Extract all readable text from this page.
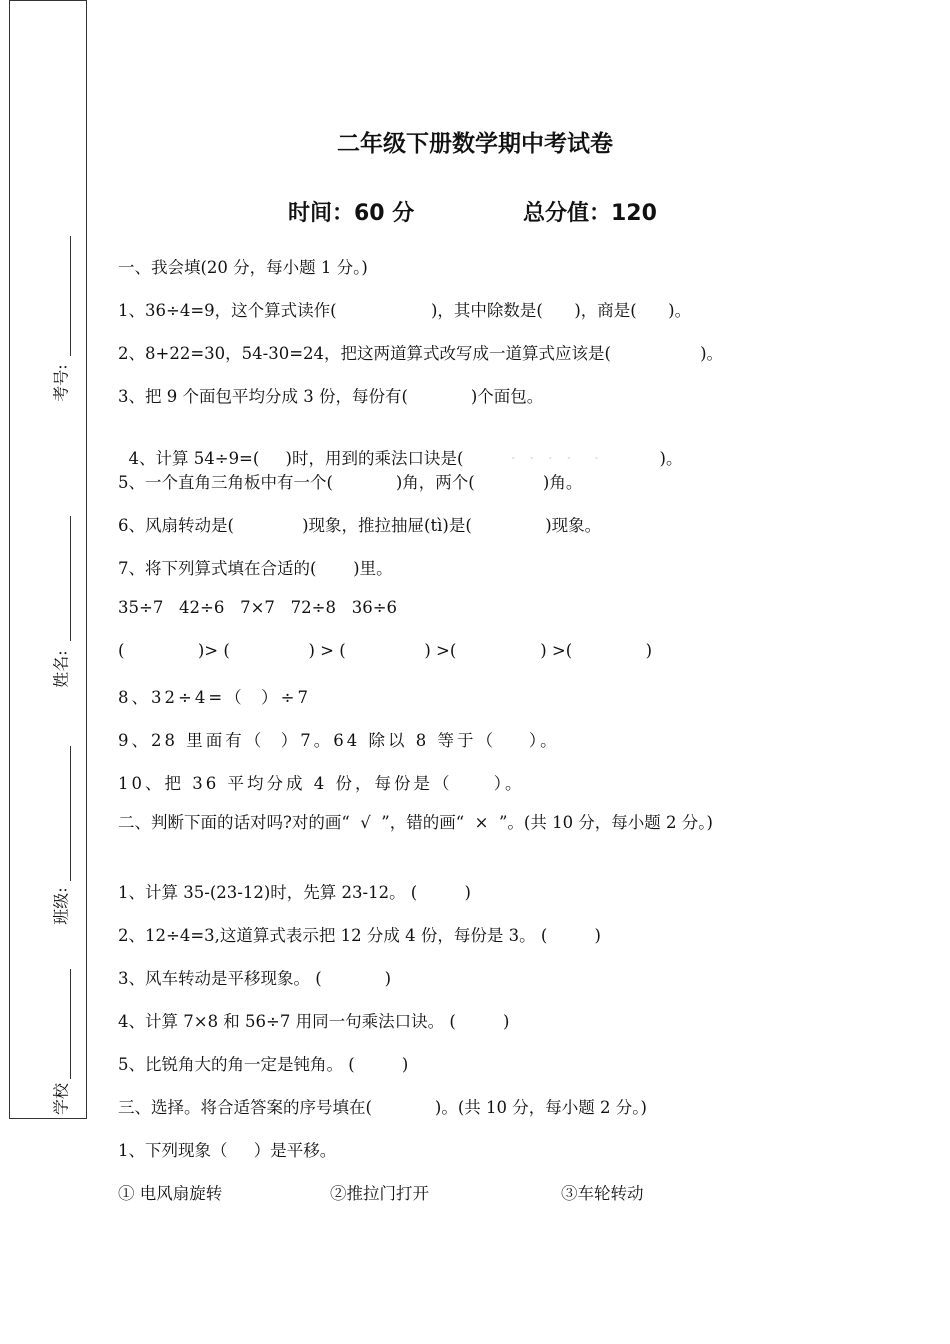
考号:
姓名:
班级:
学校
二年级下册数学期中考试卷
时间：60 分	总分值：120
一、我会填(20 分，每小题 1 分。)
1、36÷4=9，这个算式读作(                  )，其中除数是(      )，商是(      )。
2、8+22=30，54-30=24，把这两道算式改写成一道算式应该是(                 )。
3、把 9 个面包平均分成 3 份，每份有(            )个面包。

4、计算 54÷9=(     )时，用到的乘法口诀是(         · · · ·  ·          )。

5、一个直角三角板中有一个(            )角，两个(             )角。
6、风扇转动是(             )现象，推拉抽屉(tì)是(              )现象。
7、将下列算式填在合适的(       )里。
35÷7   42÷6   7×7   72÷8   36÷6
(              )> (               ) > (               ) >(                ) >(              )
8、32÷4=（  ）÷7
9、28 里面有（  ）7。64 除以 8 等于（    ）。
10、把 36 平均分成 4 份，每份是（     ）。
二、判断下面的话对吗?对的画“  √  ”，错的画“  ×  ”。(共 10 分，每小题 2 分。)
1、计算 35-(23-12)时，先算 23-12。 (         )
2、12÷4=3,这道算式表示把 12 分成 4 份，每份是 3。 (         )
3、风车转动是平移现象。 (            )
4、计算 7×8 和 56÷7 用同一句乘法口诀。 (         )
5、比锐角大的角一定是钝角。 (         )
三、选择。将合适答案的序号填在(            )。(共 10 分，每小题 2 分。)
1、下列现象（     ）是平移。
① 电风扇旋转	②推拉门打开	③车轮转动
